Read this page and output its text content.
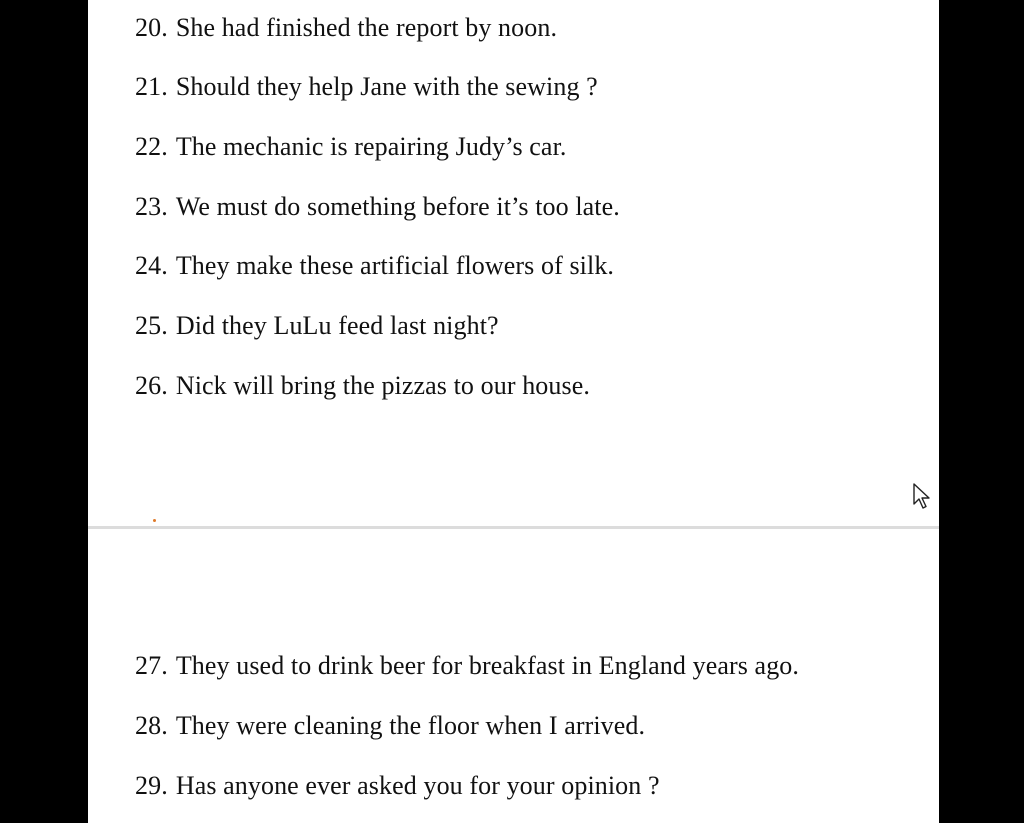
20. She had finished the report by noon.

21. Should they help Jane with the sewing ?

22. The mechanic is repairing Judy’s car.

23. We must do something before it’s too late.

24. They make these artificial flowers of silk.

25. Did they LuLu feed last night?

26. Nick will bring the pizzas to our house.

27. They used to drink beer for breakfast in England years ago.

28. They were cleaning the floor when I arrived.

29. Has anyone ever asked you for your opinion ?
